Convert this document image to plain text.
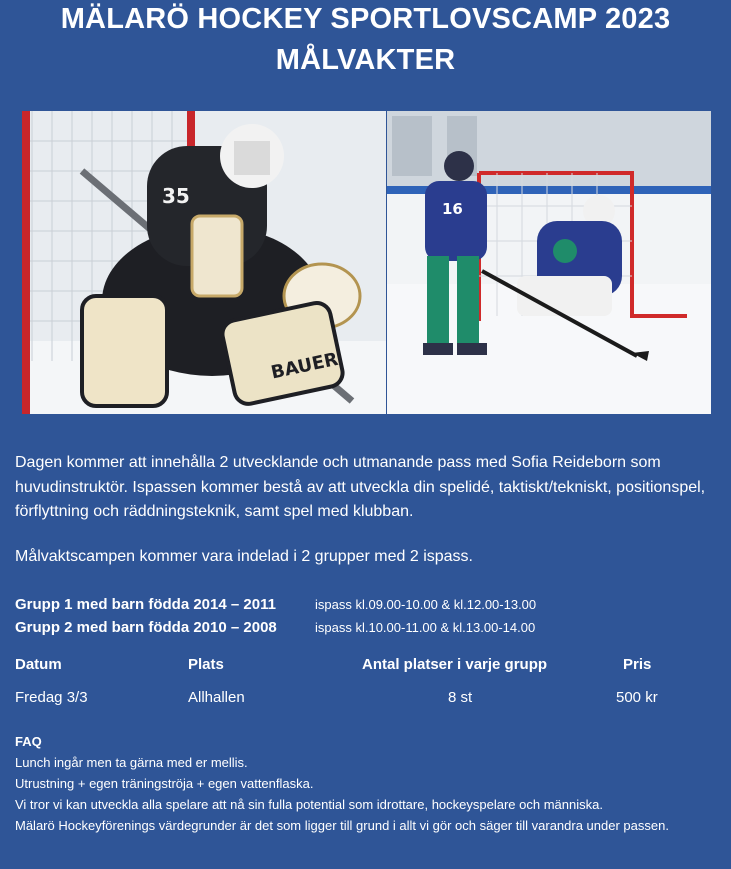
MÄLARÖ HOCKEY SPORTLOVSCAMP 2023
MÅLVAKTER
35
BAUER
16
Dagen kommer att innehålla 2 utvecklande och utmanande pass med Sofia Reideborn som huvudinstruktör. Ispassen kommer bestå av att utveckla din spelidé, taktiskt/tekniskt, positionspel, förflyttning och räddningsteknik, samt spel med klubban.
Målvaktscampen kommer vara indelad i 2 grupper med 2 ispass.
Grupp 1 med barn födda 2014 – 2011	ispass kl.09.00-10.00 & kl.12.00-13.00
Grupp 2 med barn födda 2010 – 2008	ispass kl.10.00-11.00 & kl.13.00-14.00
Datum	Plats	Antal platser i varje grupp	Pris
Fredag 3/3	Allhallen	8 st	500 kr
FAQ
Lunch ingår men ta gärna med er mellis.
Utrustning + egen träningströja + egen vattenflaska.
Vi tror vi kan utveckla alla spelare att nå sin fulla potential som idrottare, hockeyspelare och människa.
Mälarö Hockeyförenings värdegrunder är det som ligger till grund i allt vi gör och säger till varandra under passen.
